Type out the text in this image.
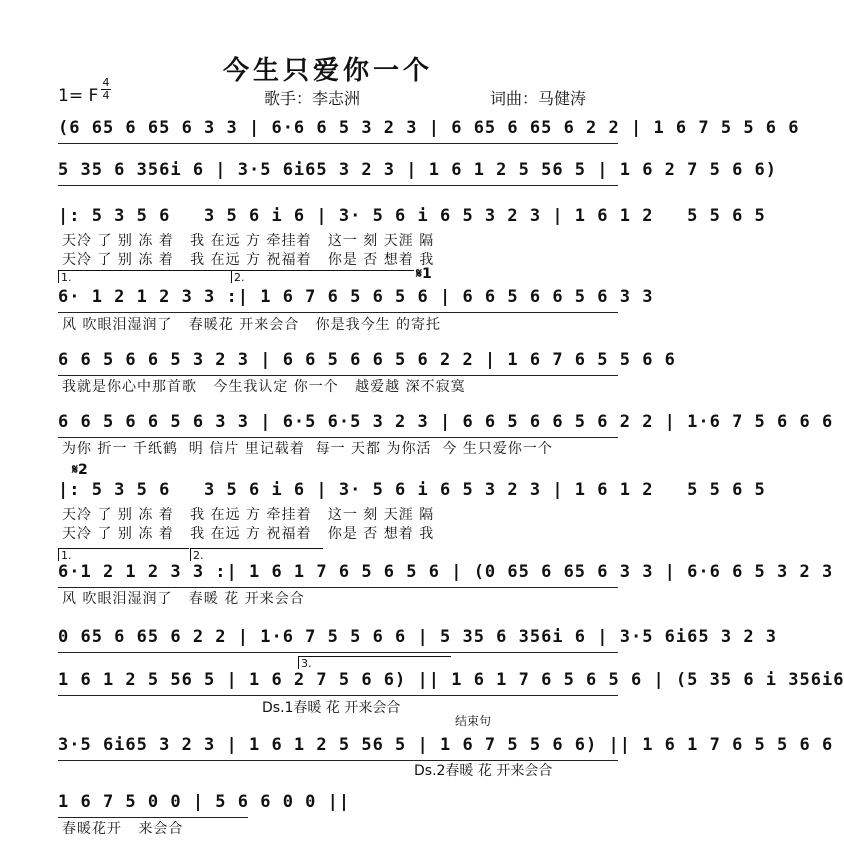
今生只爱你一个
1= F
4
4	歌手：李志洲	词曲：马健涛
(6 65 6 65 6 3 3 | 6·6 6 5 3 2 3 | 6 65 6 65 6 2 2 | 1 6 7 5 5 6 6
5 35 6 356i 6 | 3·5 6i65 3 2 3 | 1 6 1 2 5 56 5 | 1 6 2 7 5 6 6)
|: 5 3 5 6   3 5 6 i 6 | 3· 5 6 i 6 5 3 2 3 | 1 6 1 2   5 5 6 5
天冷 了 别 冻 着   我 在远 方 牵挂着   这一 刻 天涯 隔
天冷 了 别 冻 着   我 在远 方 祝福着   你是 否 想着 我
1.	2.	𝄋1
6· 1 2 1 2 3 3 :| 1 6 7 6 5 6 5 6 | 6 6 5 6 6 5 6 3 3
风 吹眼泪湿润了   春暖花 开来会合   你是我今生 的寄托
6 6 5 6 6 5 3 2 3 | 6 6 5 6 6 5 6 2 2 | 1 6 7 6 5 5 6 6
我就是你心中那首歌   今生我认定 你一个   越爱越 深不寂寞
6 6 5 6 6 5 6 3 3 | 6·5 6·5 3 2 3 | 6 6 5 6 6 5 6 2 2 | 1·6 7 5 6 6 6
为你 折一 千纸鹤  明 信片 里记载着  每一 天都 为你活  今 生只爱你一个
𝄋2
|: 5 3 5 6   3 5 6 i 6 | 3· 5 6 i 6 5 3 2 3 | 1 6 1 2   5 5 6 5
天冷 了 别 冻 着   我 在远 方 牵挂着   这一 刻 天涯 隔
天冷 了 别 冻 着   我 在远 方 祝福着   你是 否 想着 我
1.	2.
6·1 2 1 2 3 3 :| 1 6 1 7 6 5 6 5 6 | (0 65 6 65 6 3 3 | 6·6 6 5 3 2 3
风 吹眼泪湿润了   春暖 花 开来会合
0 65 6 65 6 2 2 | 1·6 7 5 5 6 6 | 5 35 6 356i 6 | 3·5 6i65 3 2 3
3.
1 6 1 2 5 56 5 | 1 6 2 7 5 6 6) || 1 6 1 7 6 5 6 5 6 | (5 35 6 i 356i6
Ds.1春暖 花 开来会合
结束句
3·5 6i65 3 2 3 | 1 6 1 2 5 56 5 | 1 6 7 5 5 6 6) || 1 6 1 7 6 5 5 6 6
Ds.2春暖 花 开来会合
1 6 7 5 0 0 | 5 6 6 0 0 ||
春暖花开   来会合
